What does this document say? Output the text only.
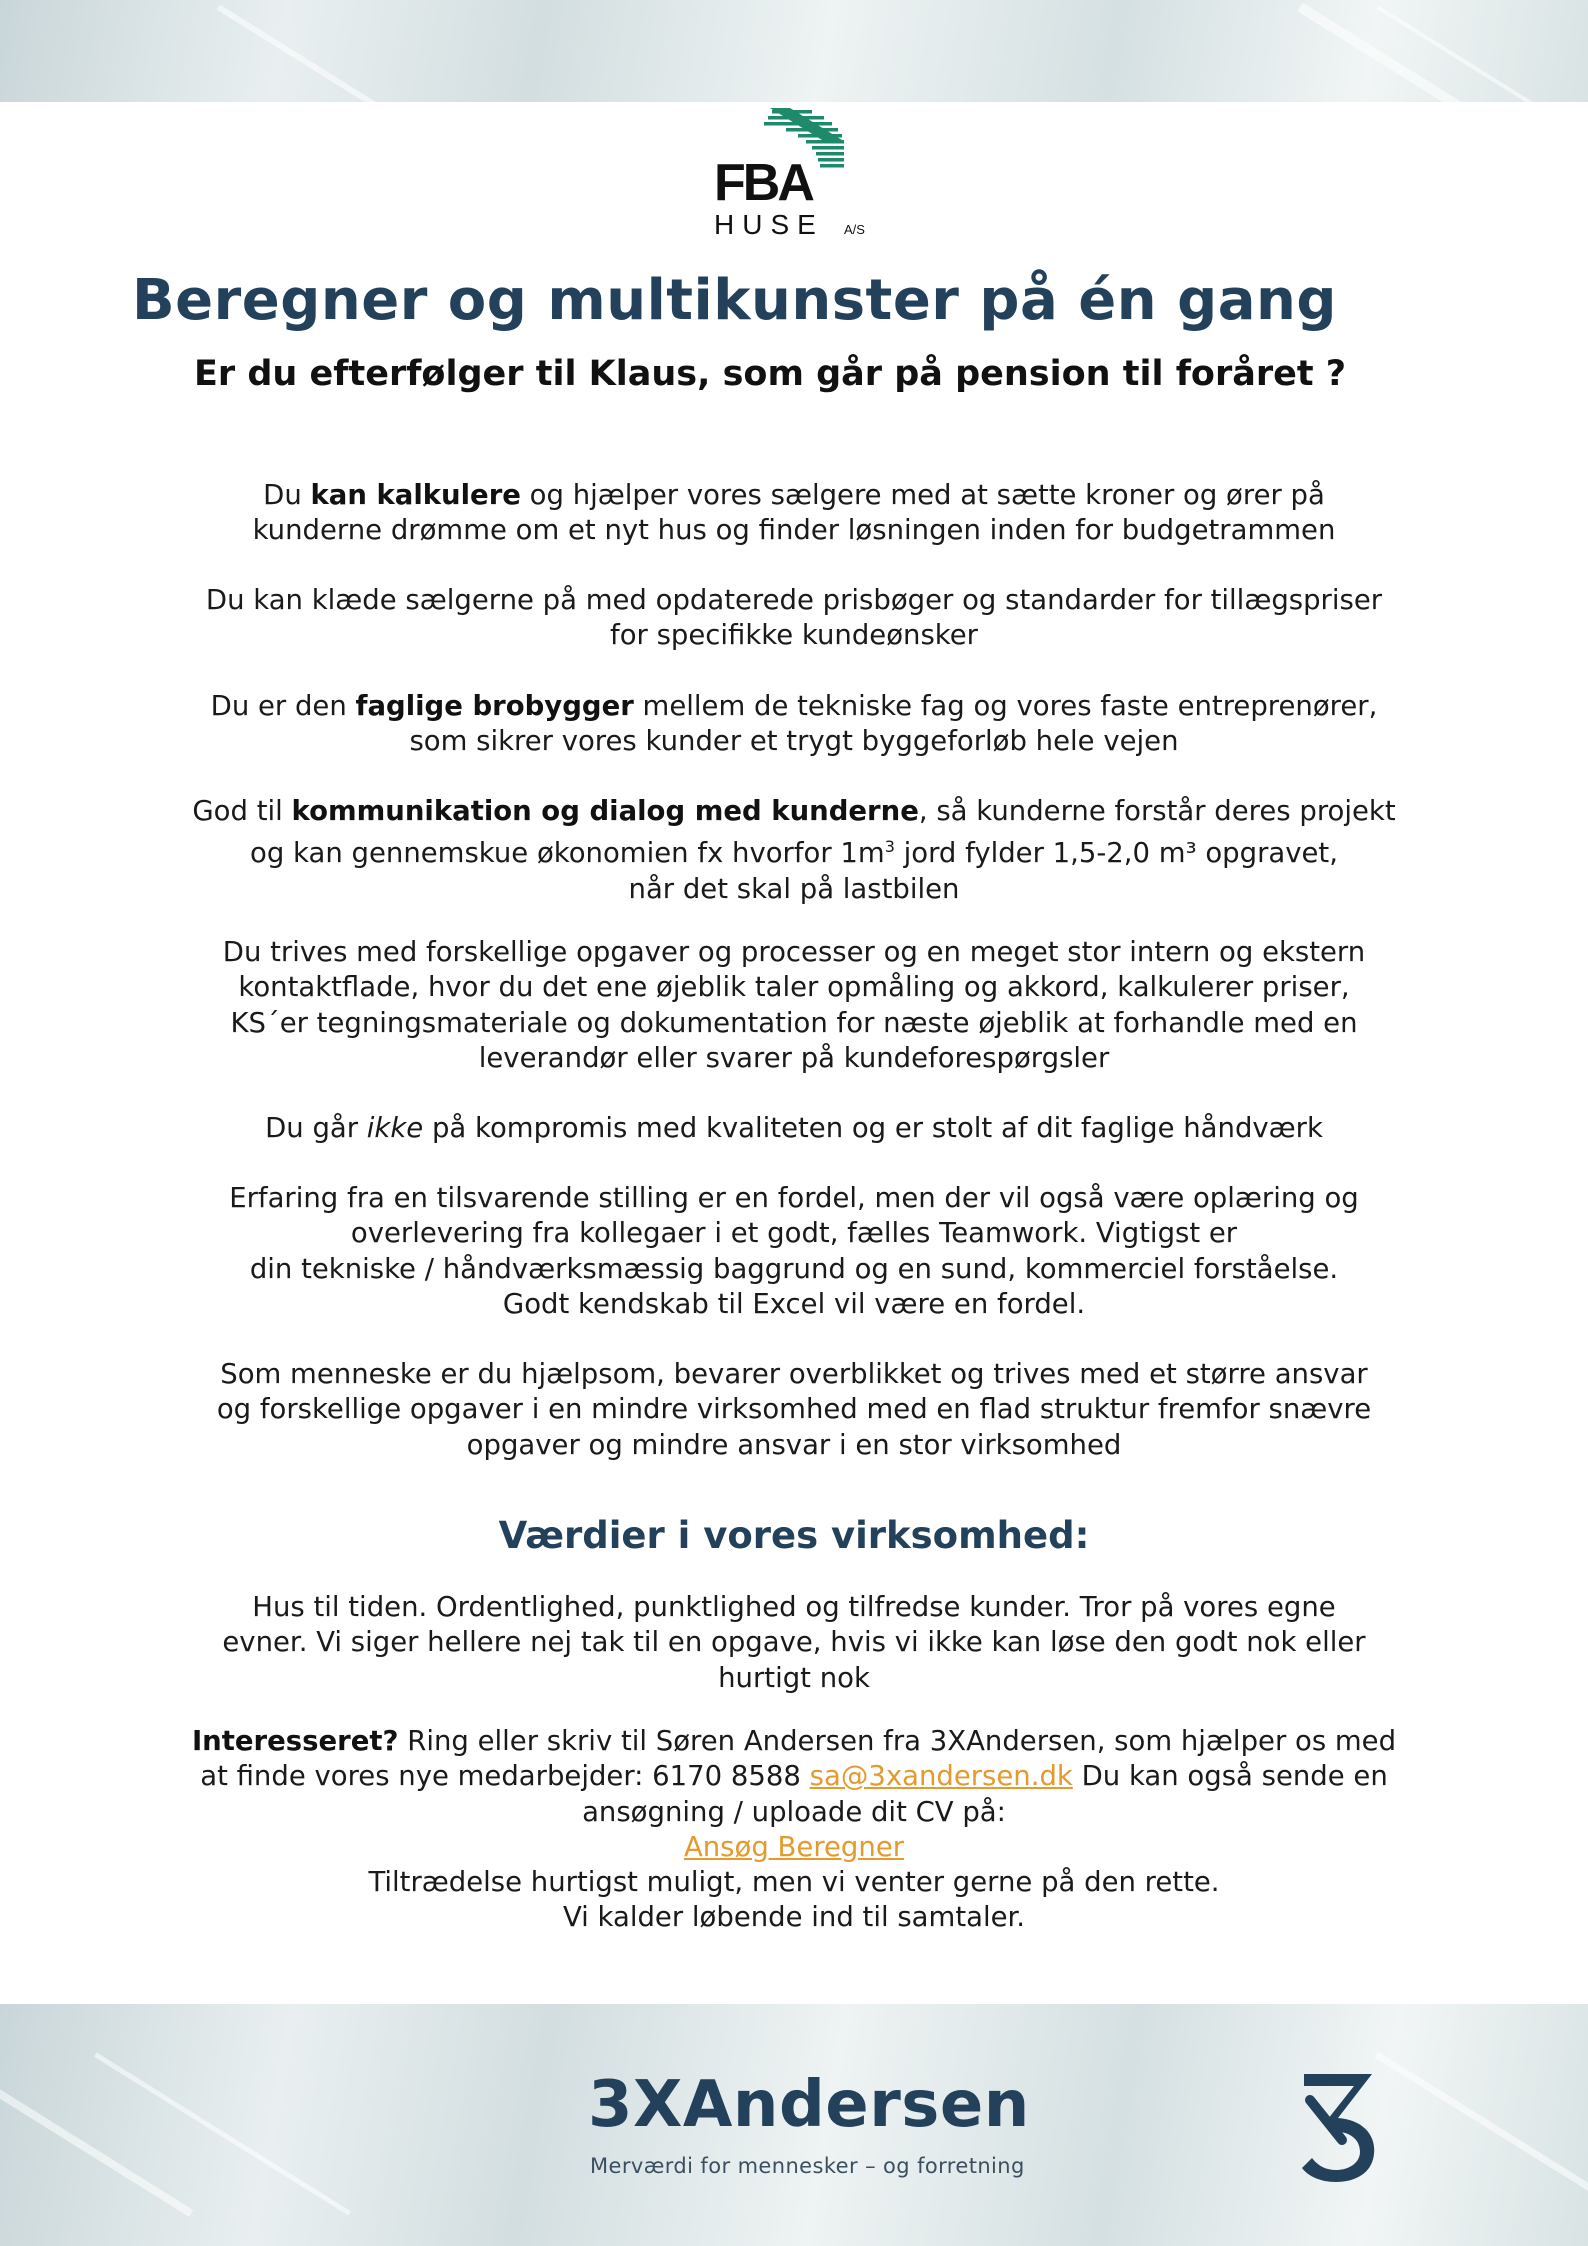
FBA
HUSE A/S
Beregner og multikunster på én gang
Er du efterfølger til Klaus, som går på pension til foråret ?

Du kan kalkulere og hjælper vores sælgere med at sætte kroner og ører på

kunderne drømme om et nyt hus og finder løsningen inden for budgetrammen

Du kan klæde sælgerne på med opdaterede prisbøger og standarder for tillægspriser

for specifikke kundeønsker

Du er den faglige brobygger mellem de tekniske fag og vores faste entreprenører,

som sikrer vores kunder et trygt byggeforløb hele vejen

God til kommunikation og dialog med kunderne, så kunderne forstår deres projekt

og kan gennemskue økonomien fx hvorfor $1m^3$ jord fylder 1,5-2,0 m³ opgravet,

når det skal på lastbilen

Du trives med forskellige opgaver og processer og en meget stor intern og ekstern

kontaktflade, hvor du det ene øjeblik taler opmåling og akkord, kalkulerer priser,

KS´er tegningsmateriale og dokumentation for næste øjeblik at forhandle med en

leverandør eller svarer på kundeforespørgsler

Du går ikke på kompromis med kvaliteten og er stolt af dit faglige håndværk

Erfaring fra en tilsvarende stilling er en fordel, men der vil også være oplæring og

overlevering fra kollegaer i et godt, fælles Teamwork. Vigtigst er

din tekniske / håndværksmæssig baggrund og en sund, kommerciel forståelse.

Godt kendskab til Excel vil være en fordel.

Som menneske er du hjælpsom, bevarer overblikket og trives med et større ansvar

og forskellige opgaver i en mindre virksomhed med en flad struktur fremfor snævre

opgaver og mindre ansvar i en stor virksomhed

Værdier i vores virksomhed:

Hus til tiden. Ordentlighed, punktlighed og tilfredse kunder. Tror på vores egne

evner. Vi siger hellere nej tak til en opgave, hvis vi ikke kan løse den godt nok eller

hurtigt nok

Interesseret? Ring eller skriv til Søren Andersen fra 3XAndersen, som hjælper os med

at finde vores nye medarbejder: 6170 8588 sa@3xandersen.dk Du kan også sende en

ansøgning / uploade dit CV på:

Ansøg Beregner

Tiltrædelse hurtigst muligt, men vi venter gerne på den rette.

Vi kalder løbende ind til samtaler.

3XAndersen
Merværdi for mennesker – og forretning
